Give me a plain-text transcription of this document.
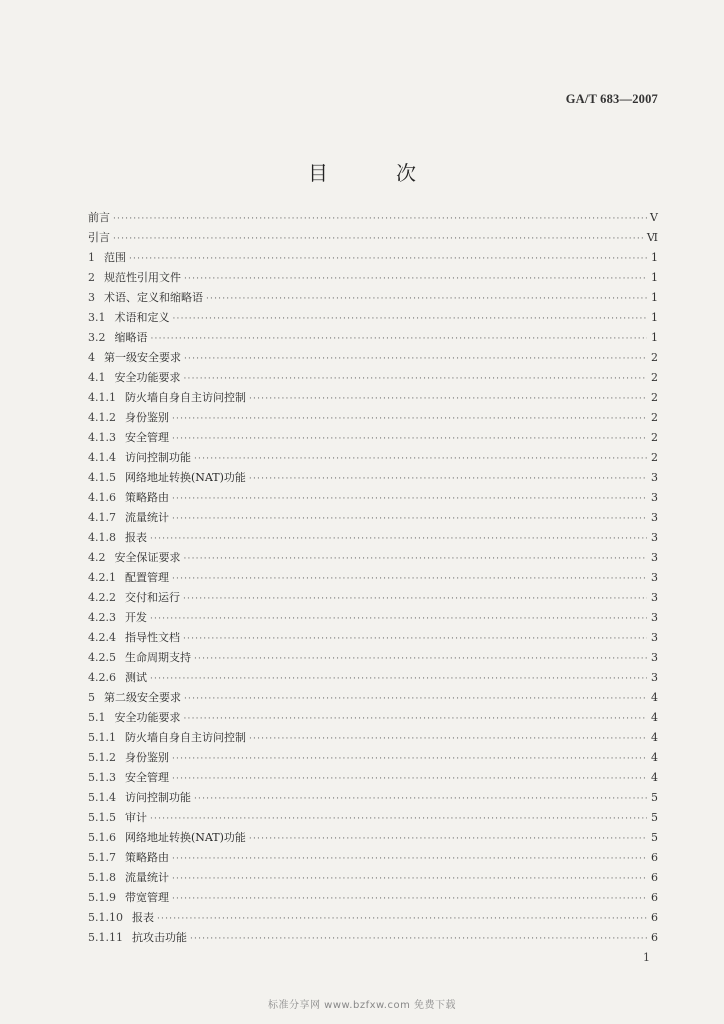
GA/T 683—2007
目　次
前言 ·····	Ⅴ
引言 ·····	Ⅵ
1 范围 ·····	1
2 规范性引用文件 ·····	1
3 术语、定义和缩略语 ·····	1
3.1 术语和定义 ·····	1
3.2 缩略语 ·····	1
4 第一级安全要求 ·····	2
4.1 安全功能要求 ·····	2
4.1.1 防火墙自身自主访问控制 ·····	2
4.1.2 身份鉴别 ·····	2
4.1.3 安全管理 ·····	2
4.1.4 访问控制功能 ·····	2
4.1.5 网络地址转换(NAT)功能 ·····	3
4.1.6 策略路由 ·····	3
4.1.7 流量统计 ·····	3
4.1.8 报表 ·····	3
4.2 安全保证要求 ·····	3
4.2.1 配置管理 ·····	3
4.2.2 交付和运行 ·····	3
4.2.3 开发 ·····	3
4.2.4 指导性文档 ·····	3
4.2.5 生命周期支持 ·····	3
4.2.6 测试 ·····	3
5 第二级安全要求 ·····	4
5.1 安全功能要求 ·····	4
5.1.1 防火墙自身自主访问控制 ·····	4
5.1.2 身份鉴别 ·····	4
5.1.3 安全管理 ·····	4
5.1.4 访问控制功能 ·····	5
5.1.5 审计 ·····	5
5.1.6 网络地址转换(NAT)功能 ·····	5
5.1.7 策略路由 ·····	6
5.1.8 流量统计 ·····	6
5.1.9 带宽管理 ·····	6
5.1.10 报表 ·····	6
5.1.11 抗攻击功能 ·····	6
1
标准分享网 www.bzfxw.com 免费下载
